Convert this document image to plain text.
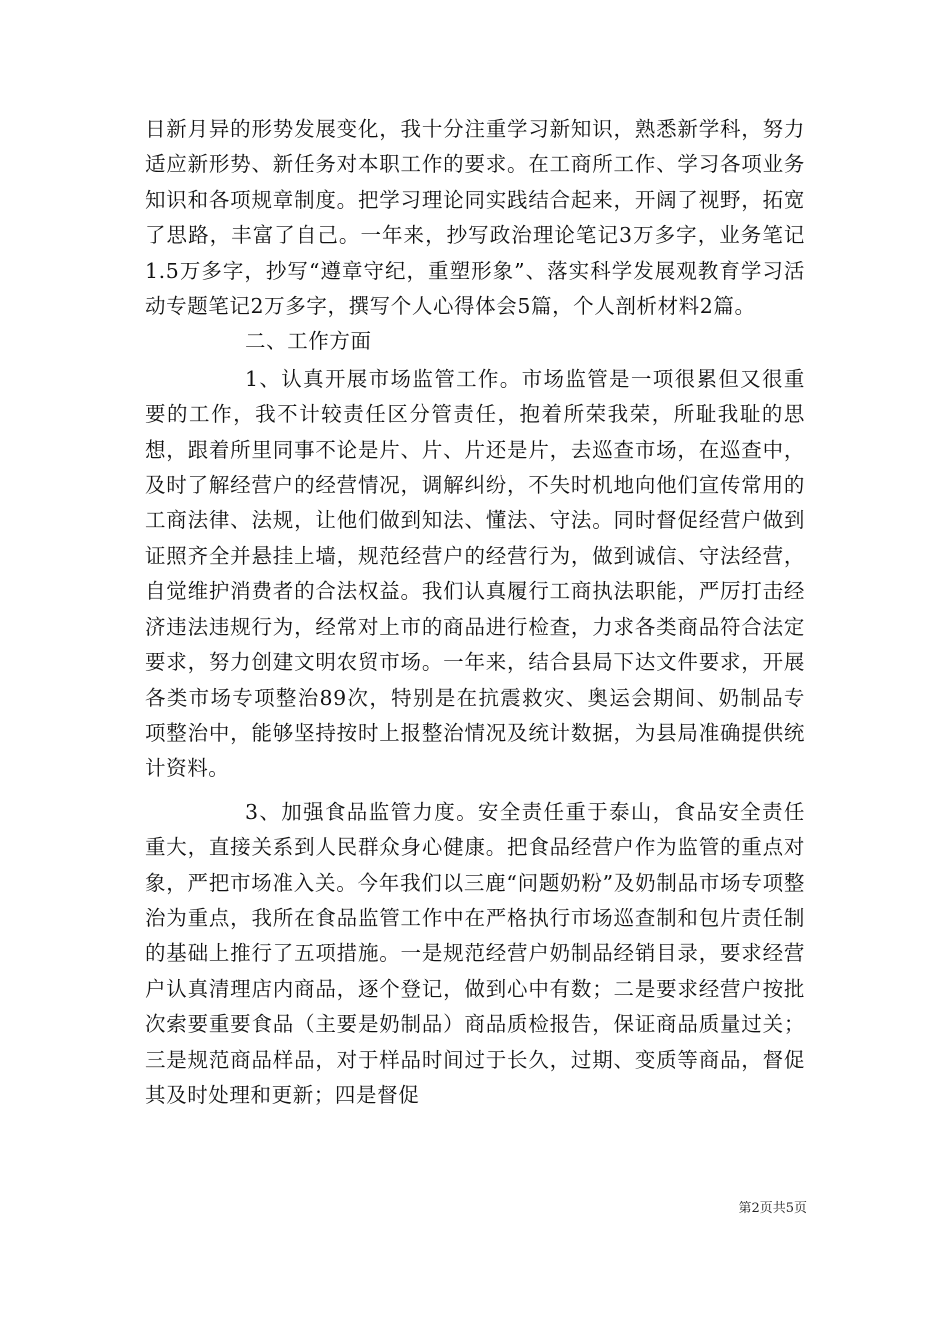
日新月异的形势发展变化，我十分注重学习新知识，熟悉新学科，努力适应新形势、新任务对本职工作的要求。在工商所工作、学习各项业务知识和各项规章制度。把学习理论同实践结合起来，开阔了视野，拓宽了思路，丰富了自己。一年来，抄写政治理论笔记3万多字，业务笔记1.5万多字，抄写“遵章守纪，重塑形象”、落实科学发展观教育学习活动专题笔记2万多字，撰写个人心得体会5篇，个人剖析材料2篇。

二、工作方面

1、认真开展市场监管工作。市场监管是一项很累但又很重要的工作，我不计较责任区分管责任，抱着所荣我荣，所耻我耻的思想，跟着所里同事不论是片、片、片还是片，去巡查市场，在巡查中，及时了解经营户的经营情况，调解纠纷，不失时机地向他们宣传常用的工商法律、法规，让他们做到知法、懂法、守法。同时督促经营户做到证照齐全并悬挂上墙，规范经营户的经营行为，做到诚信、守法经营，自觉维护消费者的合法权益。我们认真履行工商执法职能，严厉打击经济违法违规行为，经常对上市的商品进行检查，力求各类商品符合法定要求，努力创建文明农贸市场。一年来，结合县局下达文件要求，开展各类市场专项整治89次，特别是在抗震救灾、奥运会期间、奶制品专项整治中，能够坚持按时上报整治情况及统计数据，为县局准确提供统计资料。

3、加强食品监管力度。安全责任重于泰山，食品安全责任重大，直接关系到人民群众身心健康。把食品经营户作为监管的重点对象，严把市场准入关。今年我们以三鹿“问题奶粉”及奶制品市场专项整治为重点，我所在食品监管工作中在严格执行市场巡查制和包片责任制的基础上推行了五项措施。一是规范经营户奶制品经销目录，要求经营户认真清理店内商品，逐个登记，做到心中有数；二是要求经营户按批次索要重要食品（主要是奶制品）商品质检报告，保证商品质量过关；三是规范商品样品，对于样品时间过于长久，过期、变质等商品，督促其及时处理和更新；四是督促

第2页共5页
